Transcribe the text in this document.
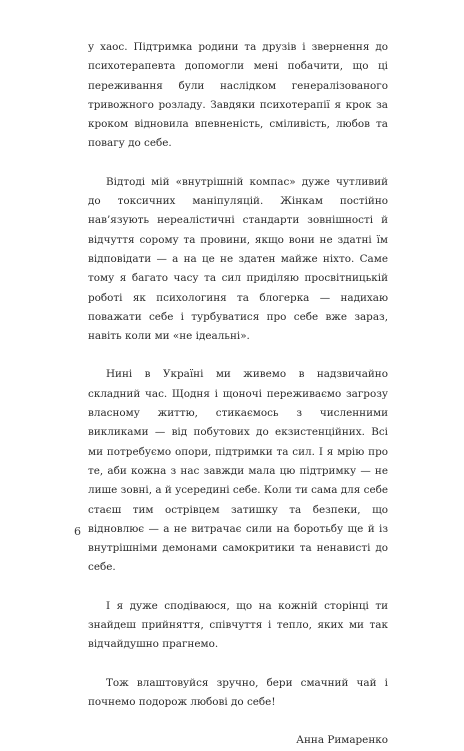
у хаос. Підтримка родини та друзів і звернення до психотерапевта допомогли мені побачити, що ці переживання були наслідком генералізованого тривожного розладу. Завдяки психотерапії я крок за кроком відновила впевненість, сміливість, любов та повагу до себе.

Відтоді мій «внутрішній компас» дуже чутливий до токсичних маніпуляцій. Жінкам постійно нав’язують нереалістичні стандарти зовнішності й відчуття сорому та провини, якщо вони не здатні їм відповідати — а на це не здатен майже ніхто. Саме тому я багато часу та сил приділяю просвітницькій роботі як психологиня та блогерка — надихаю поважати себе і турбуватися про себе вже зараз, навіть коли ми «не ідеальні».

Нині в Україні ми живемо в надзвичайно складний час. Щодня і щоночі переживаємо загрозу власному життю, стикаємось з численними викликами — від побутових до екзистенційних. Всі ми потребуємо опори, підтримки та сил. І я мрію про те, аби кожна з нас завжди мала цю підтримку — не лише зовні, а й усередині себе. Коли ти сама для себе стаєш тим острівцем затишку та безпеки, що відновлює — а не витрачає сили на боротьбу ще й із внутрішніми демонами самокритики та ненависті до себе.

І я дуже сподіваюся, що на кожній сторінці ти знайдеш прийняття, співчуття і тепло, яких ми так відчайдушно прагнемо.

Тож влаштовуйся зручно, бери смачний чай і почнемо подорож любові до себе!

Анна Римаренко
6
